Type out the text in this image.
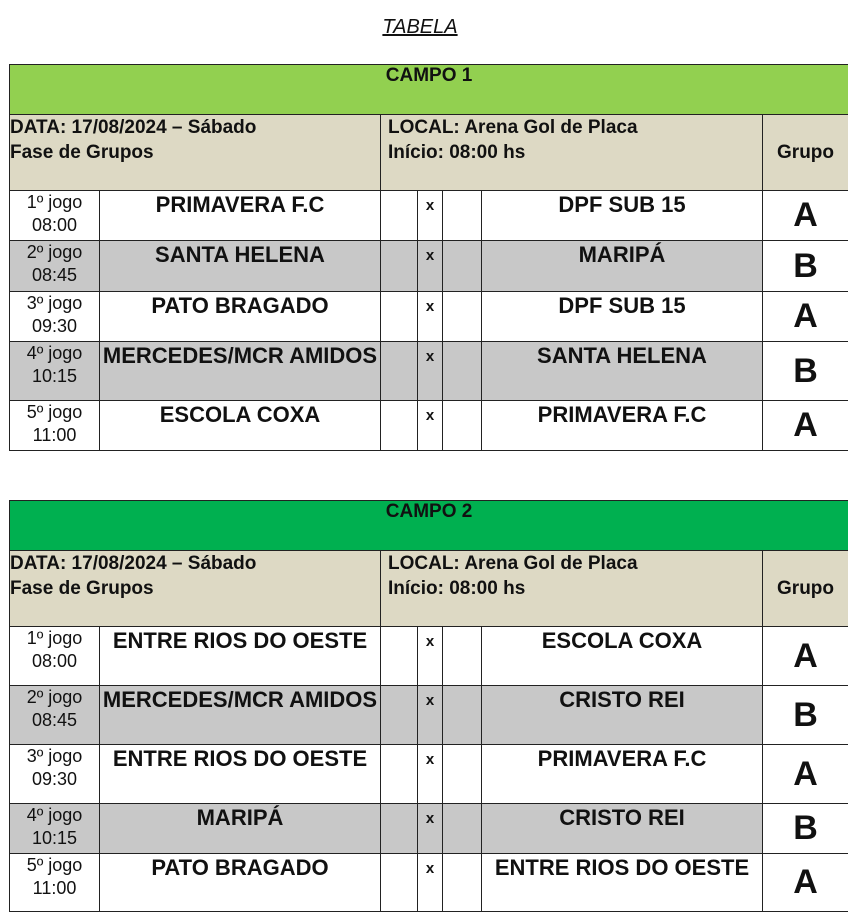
TABELA
CAMPO 1						
DATA: 17/08/2024 – Sábado
Fase de Grupos		LOCAL: Arena Gol de Placa
Início: 08:00 hs				Grupo
1º jogo
08:00	PRIMAVERA F.C		x		DPF SUB 15	A
2º jogo
08:45	SANTA HELENA		x		MARIPÁ	B
3º jogo
09:30	PATO BRAGADO		x		DPF SUB 15	A
4º jogo
10:15	MERCEDES/MCR AMIDOS		x		SANTA HELENA	B
5º jogo
11:00	ESCOLA COXA		x		PRIMAVERA F.C	A
CAMPO 2						
DATA: 17/08/2024 – Sábado
Fase de Grupos		LOCAL: Arena Gol de Placa
Início: 08:00 hs				Grupo
1º jogo
08:00	ENTRE RIOS DO OESTE		x		ESCOLA COXA	A
2º jogo
08:45	MERCEDES/MCR AMIDOS		x		CRISTO REI	B
3º jogo
09:30	ENTRE RIOS DO OESTE		x		PRIMAVERA F.C	A
4º jogo
10:15	MARIPÁ		x		CRISTO REI	B
5º jogo
11:00	PATO BRAGADO		x		ENTRE RIOS DO OESTE	A
